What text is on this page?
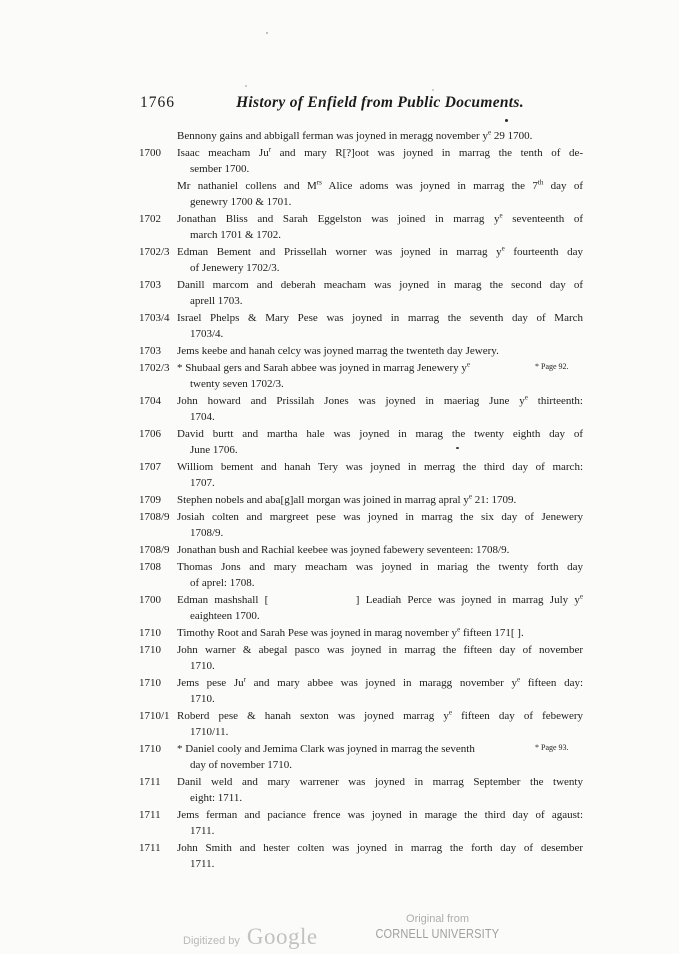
1766	History of Enfield from Public Documents.
Bennony gains and abbigall ferman was joyned in meragg november $y^e$ 29 1700.
1700	Isaac meacham Ju$^r$ and mary R[?]oot was joyned in marrag the tenth of de-
sember 1700.
Mr nathaniel collens and $M^{rs}$ Alice adoms was joyned in marrag the 7th day of
genewry 1700 & 1701.
1702	Jonathan Bliss and Sarah Eggelston was joined in marrag $y^e$ seventeenth of
march 1701 & 1702.
1702/3 Edman Bement and Prissellah worner was joyned in marrag $y^e$ fourteenth day
of Jenewery 1702/3.
1703	Danill marcom and deberah meacham was joyned in marag the second day of
aprell 1703.
1703/4 Israel Phelps & Mary Pese was joyned in marrag the seventh day of March
1703/4.
1703	Jems keebe and hanah celcy was joyned marrag the twenteth day Jewery.
1702/3 * Shubaal gers and Sarah abbee was joyned in marrag Jenewery $y^e$
twenty seven 1702/3.
* Page 92.
1704	John howard and Prissilah Jones was joyned in maeriag June $y^e$ thirteenth:
1704.
1706	David burtt and martha hale was joyned in marag the twenty eighth day of
June 1706.
1707	Williom bement and hanah Tery was joyned in merrag the third day of march:
1707.
1709	Stephen nobels and aba[g]all morgan was joined in marrag apral $y^e$ 21: 1709.
1708/9 Josiah colten and margreet pese was joyned in marrag the six day of Jenewery
1708/9.
1708/9 Jonathan bush and Rachial keebee was joyned fabewery seventeen: 1708/9.
1708	Thomas Jons and mary meacham was joyned in mariag the twenty forth day
of aprel: 1708.
1700	Edman mashshall [              ] Leadiah Perce was joyned in marrag July $y^e$
eaighteen 1700.
1710	Timothy Root and Sarah Pese was joyned in marag november $y^e$ fifteen 171[ ].
1710	John warner & abegal pasco was joyned in marrag the fifteen day of november
1710.
1710	Jems pese Ju$^r$ and mary abbee was joyned in maragg november $y^e$ fifteen day:
1710.
1710/1 Roberd pese & hanah sexton was joyned marrag $y^e$ fifteen day of febewery
1710/11.
1710	* Daniel cooly and Jemima Clark was joyned in marrag the seventh
day of november 1710.
* Page 93.
1711	Danil weld and mary warrener was joyned in marrag September the twenty
eight: 1711.
1711	Jems ferman and paciance frence was joyned in marage the third day of agaust:
1711.
1711	John Smith and hester colten was joyned in marrag the forth day of desember
1711.
Digitized by Google
Original from
CORNELL UNIVERSITY
